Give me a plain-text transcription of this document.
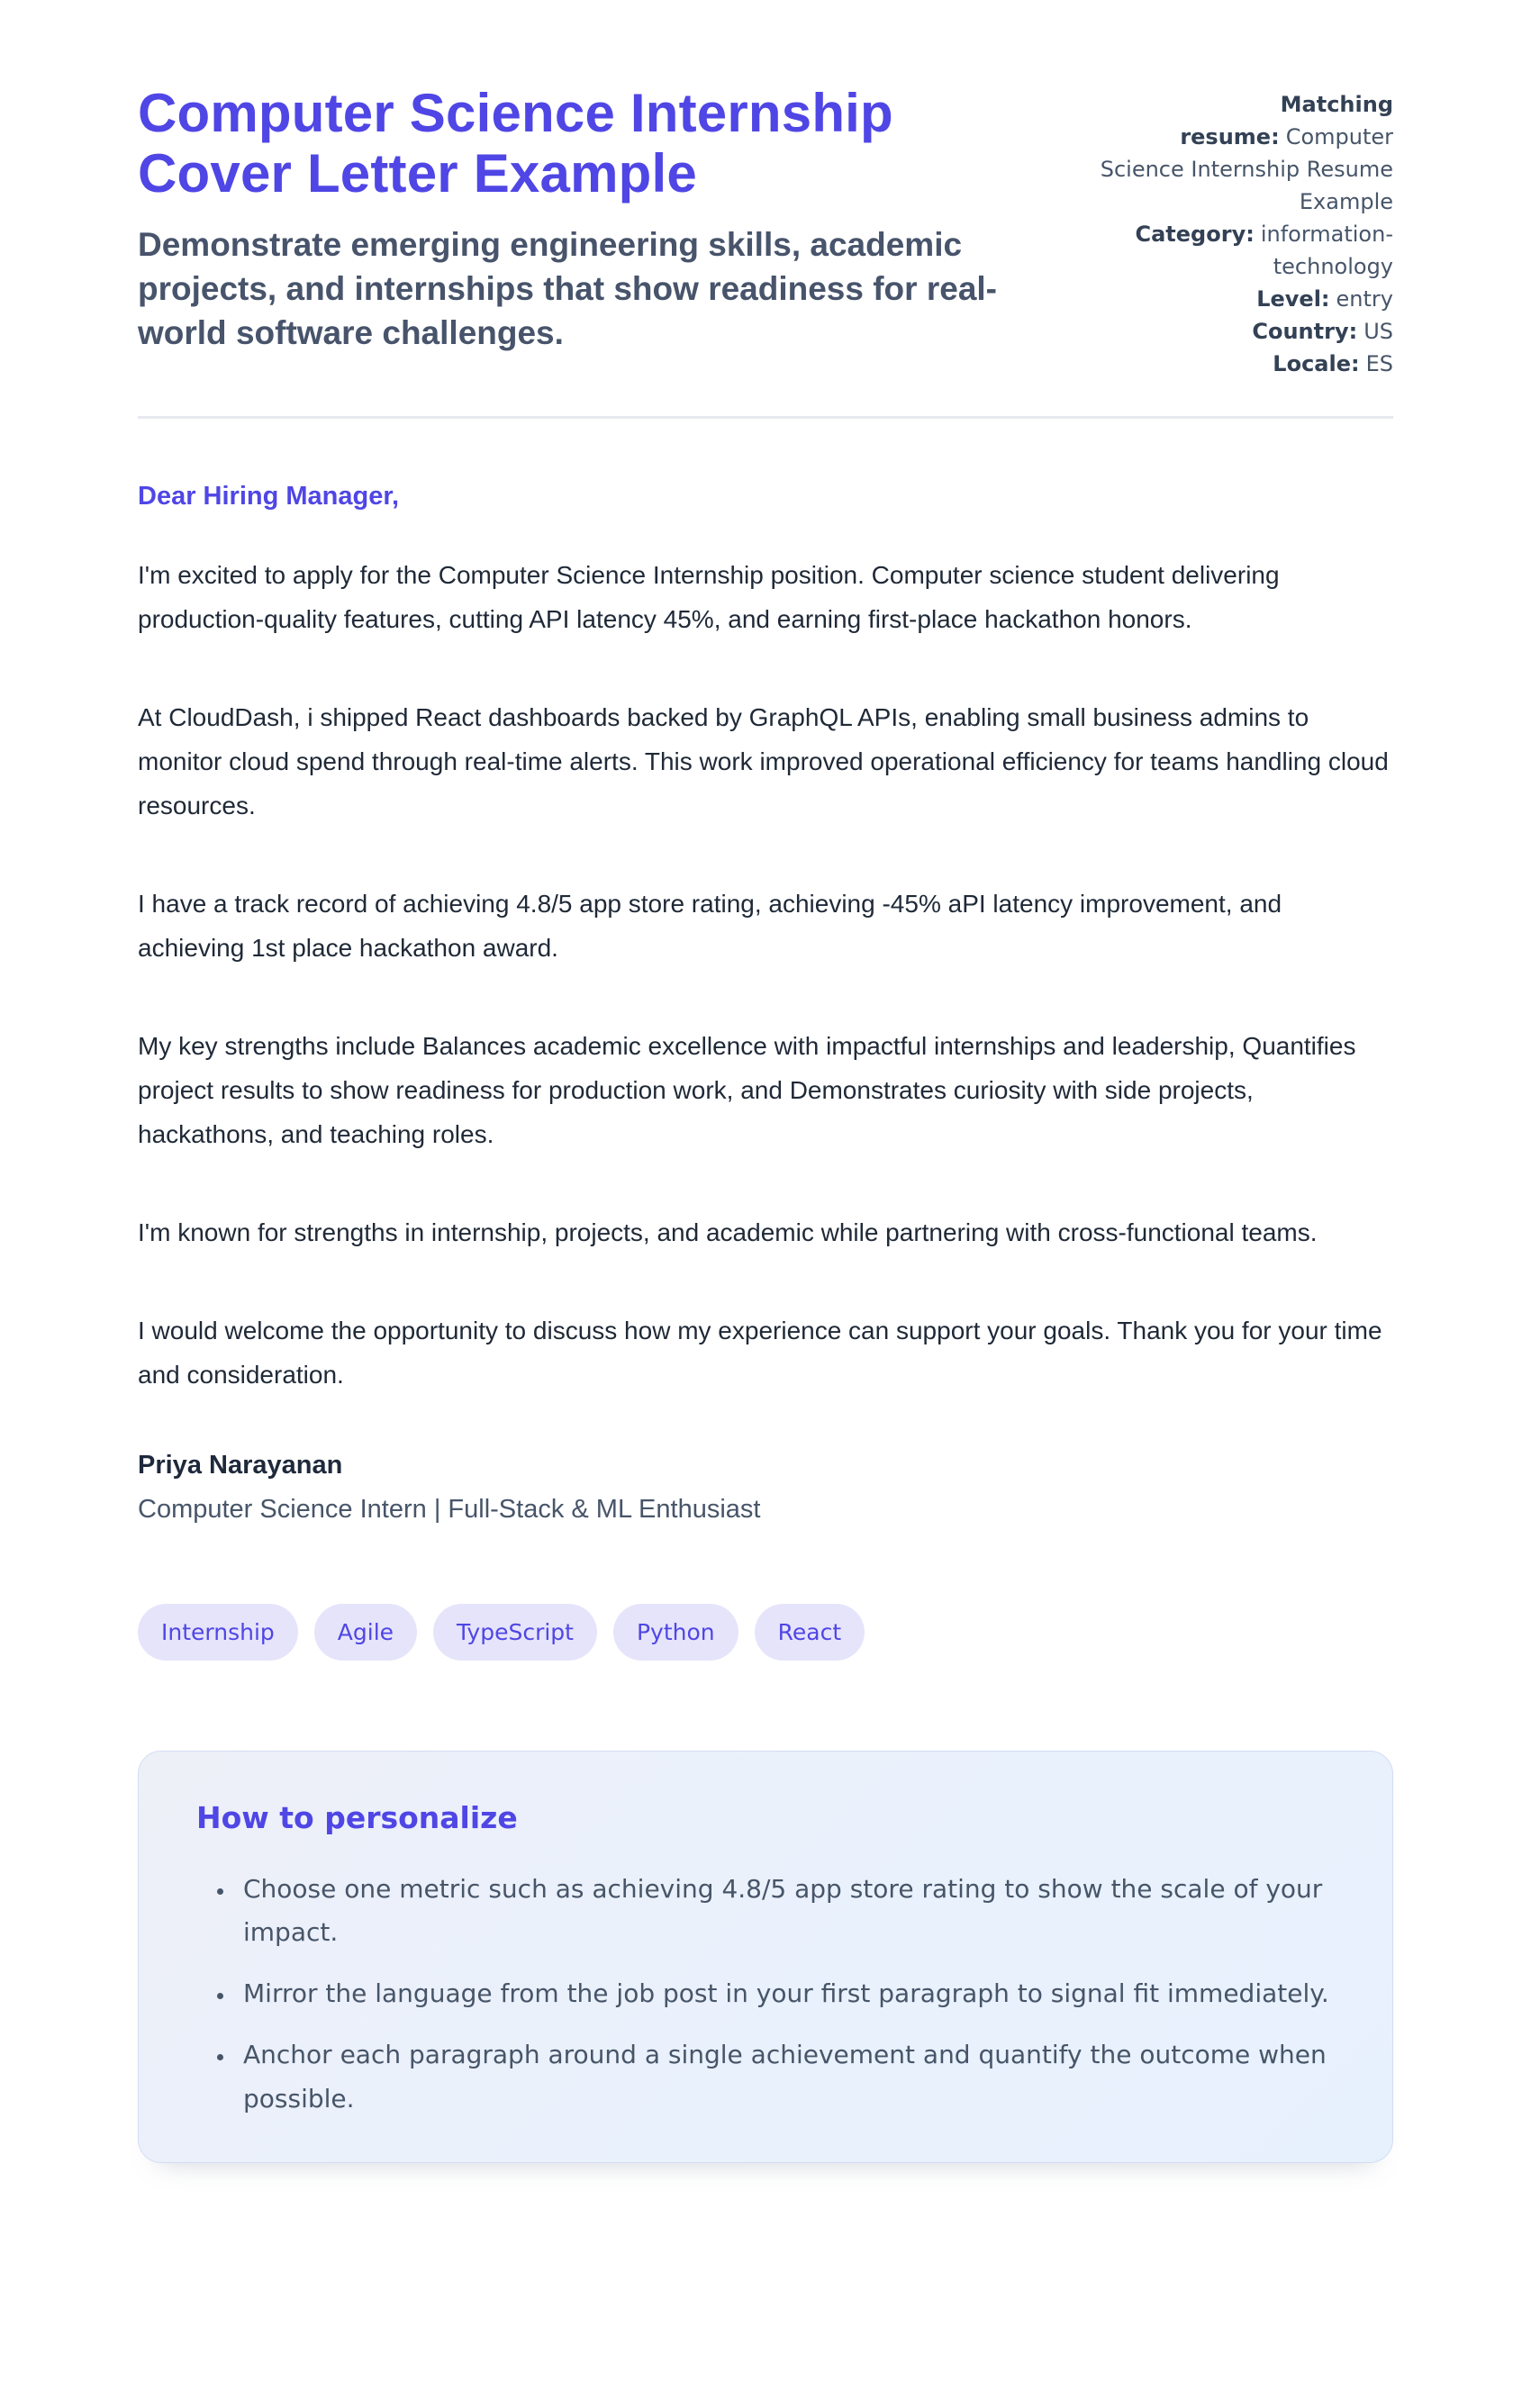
Computer Science Internship Cover Letter Example

Demonstrate emerging engineering skills, academic projects, and internships that show readiness for real-world software challenges.

Matching resume: Computer Science Internship Resume Example
Category: information-technology
Level: entry
Country: US
Locale: ES

Dear Hiring Manager,

I'm excited to apply for the Computer Science Internship position. Computer science student delivering production-quality features, cutting API latency 45%, and earning first-place hackathon honors.

At CloudDash, i shipped React dashboards backed by GraphQL APIs, enabling small business admins to monitor cloud spend through real-time alerts. This work improved operational efficiency for teams handling cloud resources.

I have a track record of achieving 4.8/5 app store rating, achieving -45% aPI latency improvement, and achieving 1st place hackathon award.

My key strengths include Balances academic excellence with impactful internships and leadership, Quantifies project results to show readiness for production work, and Demonstrates curiosity with side projects, hackathons, and teaching roles.

I'm known for strengths in internship, projects, and academic while partnering with cross-functional teams.

I would welcome the opportunity to discuss how my experience can support your goals. Thank you for your time and consideration.

Priya Narayanan

Computer Science Intern | Full-Stack & ML Enthusiast

Internship	Agile	TypeScript	Python	React

How to personalize

• Choose one metric such as achieving 4.8/5 app store rating to show the scale of your impact.
• Mirror the language from the job post in your first paragraph to signal fit immediately.
• Anchor each paragraph around a single achievement and quantify the outcome when possible.
